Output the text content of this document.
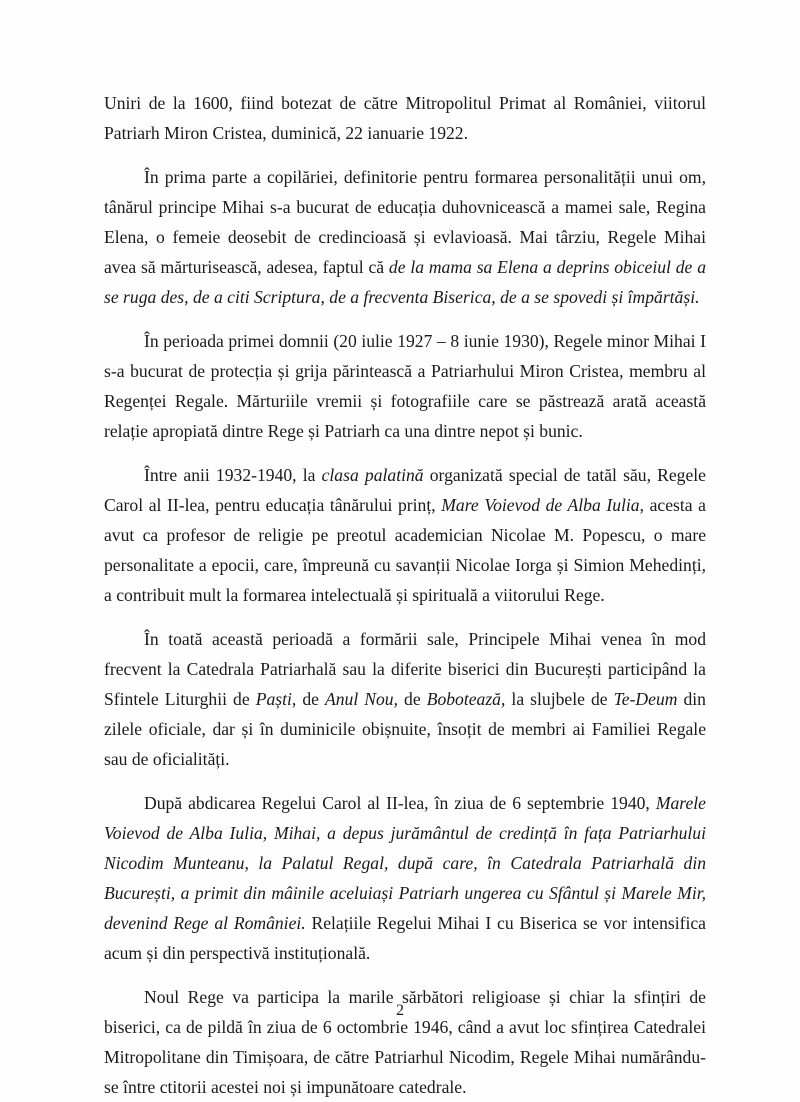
Uniri de la 1600, fiind botezat de către Mitropolitul Primat al României, viitorul Patriarh Miron Cristea, duminică, 22 ianuarie 1922.

În prima parte a copilăriei, definitorie pentru formarea personalității unui om, tânărul principe Mihai s-a bucurat de educația duhovnicească a mamei sale, Regina Elena, o femeie deosebit de credincioasă și evlavioasă. Mai târziu, Regele Mihai avea să mărturisească, adesea, faptul că de la mama sa Elena a deprins obiceiul de a se ruga des, de a citi Scriptura, de a frecventa Biserica, de a se spovedi și împărtăși.

În perioada primei domnii (20 iulie 1927 – 8 iunie 1930), Regele minor Mihai I s-a bucurat de protecția și grija părintească a Patriarhului Miron Cristea, membru al Regenței Regale. Mărturiile vremii și fotografiile care se păstrează arată această relație apropiată dintre Rege și Patriarh ca una dintre nepot și bunic.

Între anii 1932-1940, la clasa palatină organizată special de tatăl său, Regele Carol al II-lea, pentru educația tânărului prinț, Mare Voievod de Alba Iulia, acesta a avut ca profesor de religie pe preotul academician Nicolae M. Popescu, o mare personalitate a epocii, care, împreună cu savanții Nicolae Iorga și Simion Mehedinți, a contribuit mult la formarea intelectuală și spirituală a viitorului Rege.

În toată această perioadă a formării sale, Principele Mihai venea în mod frecvent la Catedrala Patriarhală sau la diferite biserici din București participând la Sfintele Liturghii de Paști, de Anul Nou, de Bobotează, la slujbele de Te-Deum din zilele oficiale, dar și în duminicile obișnuite, însoțit de membri ai Familiei Regale sau de oficialități.

După abdicarea Regelui Carol al II-lea, în ziua de 6 septembrie 1940, Marele Voievod de Alba Iulia, Mihai, a depus jurământul de credință în fața Patriarhului Nicodim Munteanu, la Palatul Regal, după care, în Catedrala Patriarhală din București, a primit din mâinile aceluiași Patriarh ungerea cu Sfântul și Marele Mir, devenind Rege al României. Relațiile Regelui Mihai I cu Biserica se vor intensifica acum și din perspectivă instituțională.

Noul Rege va participa la marile sărbători religioase și chiar la sfințiri de biserici, ca de pildă în ziua de 6 octombrie 1946, când a avut loc sfințirea Catedralei Mitropolitane din Timișoara, de către Patriarhul Nicodim, Regele Mihai numărându-se între ctitorii acestei noi și impunătoare catedrale.

2
